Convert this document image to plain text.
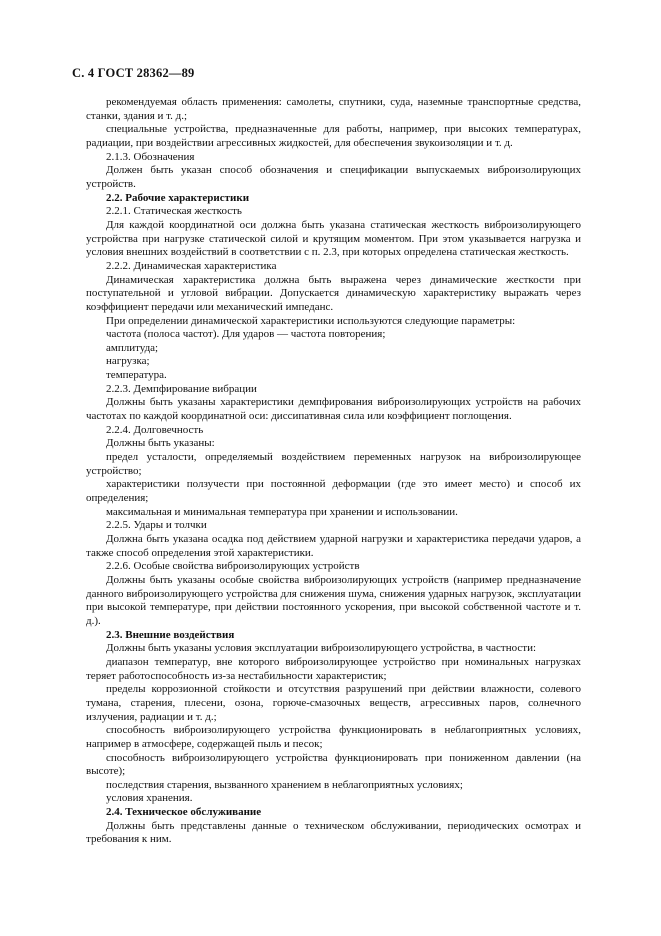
С. 4 ГОСТ 28362—89

рекомендуемая область применения: самолеты, спутники, суда, наземные транспортные средства, станки, здания и т. д.;

специальные устройства, предназначенные для работы, например, при высоких температурах, радиации, при воздействии агрессивных жидкостей, для обеспечения звукоизоляции и т. д.

2.1.3. Обозначения

Должен быть указан способ обозначения и спецификации выпускаемых виброизолирующих устройств.

2.2. Рабочие характеристики

2.2.1. Статическая жесткость

Для каждой координатной оси должна быть указана статическая жесткость виброизолирующего устройства при нагрузке статической силой и крутящим моментом. При этом указывается нагрузка и условия внешних воздействий в соответствии с п. 2.3, при которых определена статическая жесткость.

2.2.2. Динамическая характеристика

Динамическая характеристика должна быть выражена через динамические жесткости при поступательной и угловой вибрации. Допускается динамическую характеристику выражать через коэффициент передачи или механический импеданс.

При определении динамической характеристики используются следующие параметры:

частота (полоса частот). Для ударов — частота повторения;

амплитуда;

нагрузка;

температура.

2.2.3. Демпфирование вибрации

Должны быть указаны характеристики демпфирования виброизолирующих устройств на рабочих частотах по каждой координатной оси: диссипативная сила или коэффициент поглощения.

2.2.4. Долговечность

Должны быть указаны:

предел усталости, определяемый воздействием переменных нагрузок на виброизолирующее устройство;

характеристики ползучести при постоянной деформации (где это имеет место) и способ их определения;

максимальная и минимальная температура при хранении и использовании.

2.2.5. Удары и толчки

Должна быть указана осадка под действием ударной нагрузки и характеристика передачи ударов, а также способ определения этой характеристики.

2.2.6. Особые свойства виброизолирующих устройств

Должны быть указаны особые свойства виброизолирующих устройств (например предназначение данного виброизолирующего устройства для снижения шума, снижения ударных нагрузок, эксплуатации при высокой температуре, при действии постоянного ускорения, при высокой собственной частоте и т. д.).

2.3. Внешние воздействия

Должны быть указаны условия эксплуатации виброизолирующего устройства, в частности:

диапазон температур, вне которого виброизолирующее устройство при номинальных нагрузках теряет работоспособность из-за нестабильности характеристик;

пределы коррозионной стойкости и отсутствия разрушений при действии влажности, солевого тумана, старения, плесени, озона, горюче-смазочных веществ, агрессивных паров, солнечного излучения, радиации и т. д.;

способность виброизолирующего устройства функционировать в неблагоприятных условиях, например в атмосфере, содержащей пыль и песок;

способность виброизолирующего устройства функционировать при пониженном давлении (на высоте);

последствия старения, вызванного хранением в неблагоприятных условиях;

условия хранения.

2.4. Техническое обслуживание

Должны быть представлены данные о техническом обслуживании, периодических осмотрах и требования к ним.
